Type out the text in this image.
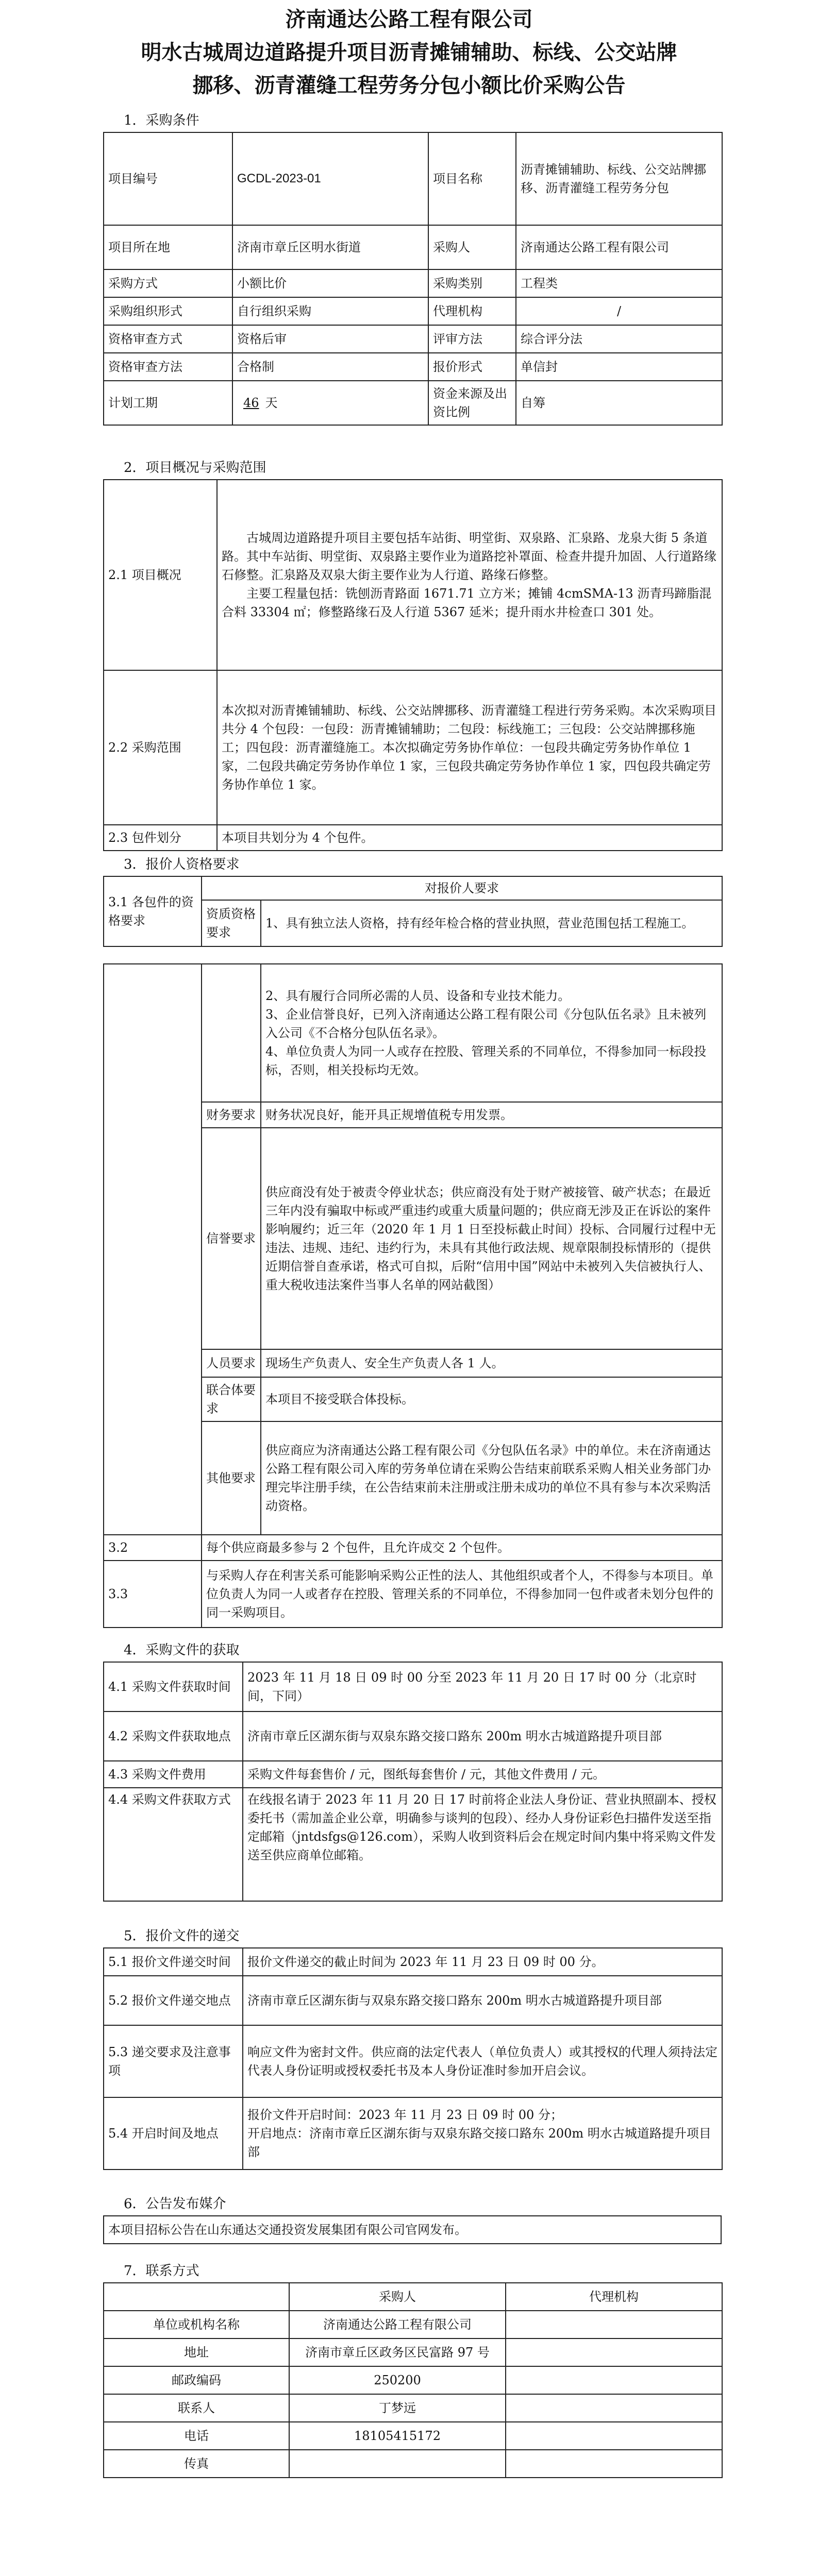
济南通达公路工程有限公司
明水古城周边道路提升项目沥青摊铺辅助、标线、公交站牌
挪移、沥青灌缝工程劳务分包小额比价采购公告
1．采购条件
项目编号	GCDL-2023-01	项目名称	沥青摊铺辅助、标线、公交站牌挪移、沥青灌缝工程劳务分包
项目所在地	济南市章丘区明水街道	采购人	济南通达公路工程有限公司
采购方式	小额比价	采购类别	工程类
采购组织形式	自行组织采购	代理机构	/
资格审查方式	资格后审	评审方法	综合评分法
资格审查方法	合格制	报价形式	单信封
计划工期	46 天	资金来源及出资比例	自筹
2．项目概况与采购范围
2.1 项目概况	古城周边道路提升项目主要包括车站街、明堂街、双泉路、汇泉路、龙泉大街 5 条道路。其中车站街、明堂街、双泉路主要作业为道路挖补罩面、检查井提升加固、人行道路缘石修整。汇泉路及双泉大街主要作业为人行道、路缘石修整。
主要工程量包括：铣刨沥青路面 1671.71 立方米；摊铺 4cmSMA-13 沥青玛蹄脂混合料 33304 ㎡；修整路缘石及人行道 5367 延米；提升雨水井检查口 301 处。

2.2 采购范围	本次拟对沥青摊铺辅助、标线、公交站牌挪移、沥青灌缝工程进行劳务采购。本次采购项目共分 4 个包段：一包段：沥青摊铺辅助；二包段：标线施工；三包段：公交站牌挪移施工；四包段：沥青灌缝施工。本次拟确定劳务协作单位：一包段共确定劳务协作单位 1 家，二包段共确定劳务协作单位 1 家，三包段共确定劳务协作单位 1 家，四包段共确定劳务协作单位 1 家。
2.3 包件划分	本项目共划分为 4 个包件。
3．报价人资格要求
3.1 各包件的资格要求	对报价人要求	
	资质资格要求	1、具有独立法人资格，持有经年检合格的营业执照，营业范围包括工程施工。

		2、具有履行合同所必需的人员、设备和专业技术能力。
3、企业信誉良好，已列入济南通达公路工程有限公司《分包队伍名录》且未被列入公司《不合格分包队伍名录》。
4、单位负责人为同一人或存在控股、管理关系的不同单位，不得参加同一标段投标，否则，相关投标均无效。

	财务要求	财务状况良好，能开具正规增值税专用发票。
	信誉要求	供应商没有处于被责令停业状态；供应商没有处于财产被接管、破产状态；在最近三年内没有骗取中标或严重违约或重大质量问题的；供应商无涉及正在诉讼的案件影响履约；近三年（2020 年 1 月 1 日至投标截止时间）投标、合同履行过程中无违法、违规、违纪、违约行为，未具有其他行政法规、规章限制投标情形的（提供近期信誉自查承诺，格式可自拟，后附“信用中国”网站中未被列入失信被执行人、重大税收违法案件当事人名单的网站截图）
	人员要求	现场生产负责人、安全生产负责人各 1 人。
	联合体要求	本项目不接受联合体投标。
	其他要求	供应商应为济南通达公路工程有限公司《分包队伍名录》中的单位。未在济南通达公路工程有限公司入库的劳务单位请在采购公告结束前联系采购人相关业务部门办理完毕注册手续，在公告结束前未注册或注册未成功的单位不具有参与本次采购活动资格。
3.2	每个供应商最多参与 2 个包件，且允许成交 2 个包件。	
3.3	与采购人存在利害关系可能影响采购公正性的法人、其他组织或者个人，不得参与本项目。单位负责人为同一人或者存在控股、管理关系的不同单位，不得参加同一包件或者未划分包件的同一采购项目。	
4．采购文件的获取
4.1 采购文件获取时间	2023 年 11 月 18 日 09 时 00 分至 2023 年 11 月 20 日 17 时 00 分（北京时间，下同）
4.2 采购文件获取地点	济南市章丘区湖东街与双泉东路交接口路东 200m 明水古城道路提升项目部
4.3 采购文件费用	采购文件每套售价 / 元，图纸每套售价 / 元，其他文件费用 / 元。
4.4 采购文件获取方式	在线报名请于 2023 年 11 月 20 日 17 时前将企业法人身份证、营业执照副本、授权委托书（需加盖企业公章，明确参与谈判的包段）、经办人身份证彩色扫描件发送至指定邮箱（jntdsfgs@126.com），采购人收到资料后会在规定时间内集中将采购文件发送至供应商单位邮箱。
5．报价文件的递交
5.1 报价文件递交时间	报价文件递交的截止时间为 2023 年 11 月 23 日 09 时 00 分。
5.2 报价文件递交地点	济南市章丘区湖东街与双泉东路交接口路东 200m 明水古城道路提升项目部
5.3 递交要求及注意事项	响应文件为密封文件。供应商的法定代表人（单位负责人）或其授权的代理人须持法定代表人身份证明或授权委托书及本人身份证准时参加开启会议。
5.4 开启时间及地点	报价文件开启时间：2023 年 11 月 23 日 09 时 00 分；
开启地点：济南市章丘区湖东街与双泉东路交接口路东 200m 明水古城道路提升项目部
6．公告发布媒介
本项目招标公告在山东通达交通投资发展集团有限公司官网发布。
7．联系方式
	采购人	代理机构
单位或机构名称	济南通达公路工程有限公司	
地址	济南市章丘区政务区民富路 97 号	
邮政编码	250200	
联系人	丁梦远	
电话	18105415172	
传真		
